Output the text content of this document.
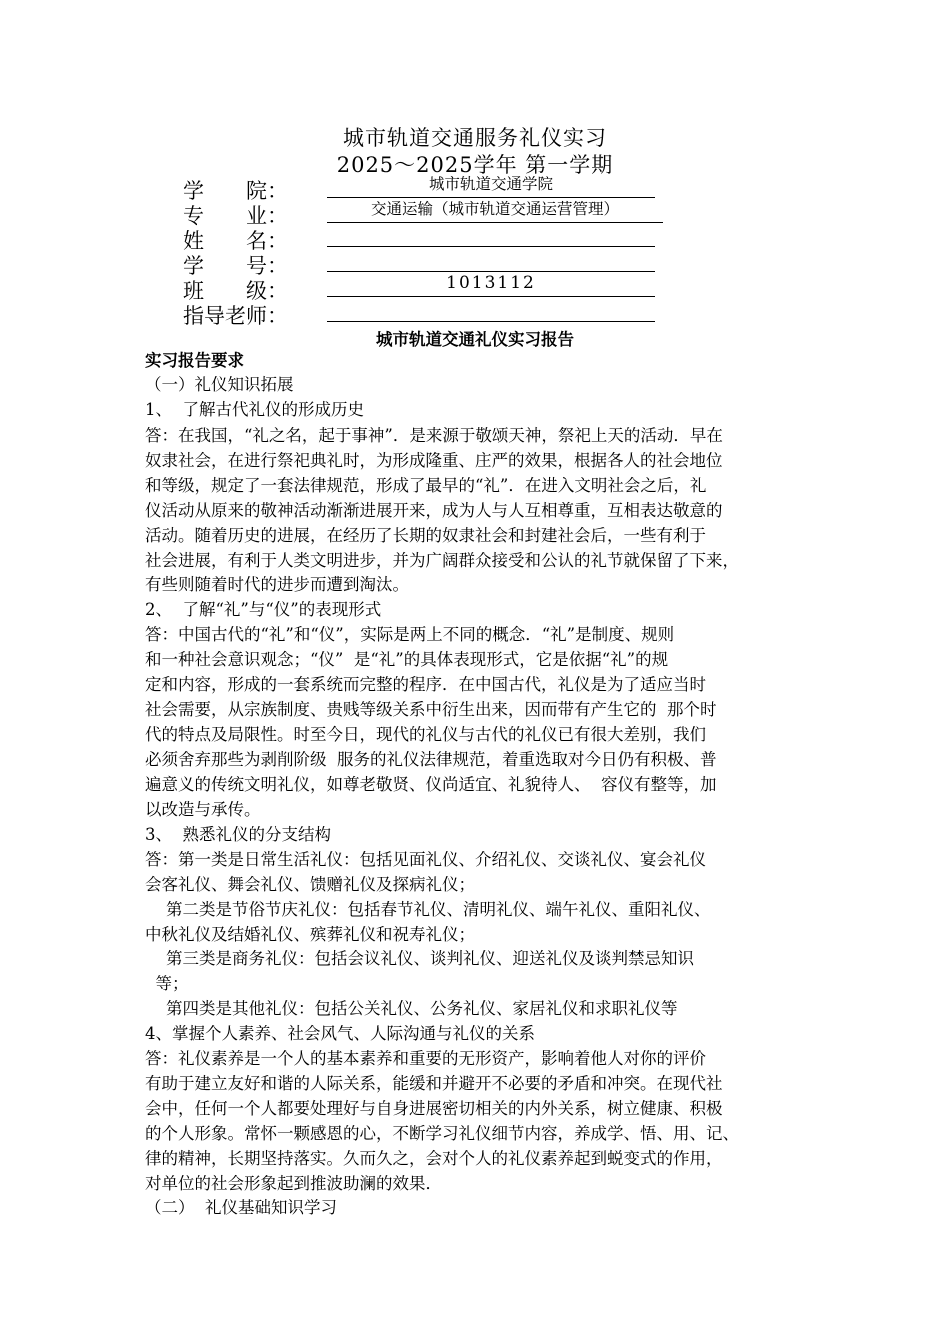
城市轨道交通服务礼仪实习
2025～2025学年 第一学期
学　　院：	城市轨道交通学院
专　　业：	交通运输（城市轨道交通运营管理）
姓　　名：
学　　号：
班　　级：	1013112
指导老师：
城市轨道交通礼仪实习报告
实习报告要求
（一）礼仪知识拓展
1、  了解古代礼仪的形成历史
答：在我国，“礼之名，起于事神”．是来源于敬颂天神，祭祀上天的活动．早在
奴隶社会，在进行祭祀典礼时，为形成隆重、庄严的效果，根据各人的社会地位
和等级，规定了一套法律规范，形成了最早的“礼”．在进入文明社会之后，礼
仪活动从原来的敬神活动渐渐进展开来，成为人与人互相尊重，互相表达敬意的
活动。随着历史的进展，在经历了长期的奴隶社会和封建社会后，一些有利于
社会进展，有利于人类文明进步，并为广阔群众接受和公认的礼节就保留了下来，
有些则随着时代的进步而遭到淘汰。
2、  了解“礼”与“仪”的表现形式
答：中国古代的“礼”和“仪”，实际是两上不同的概念．“礼”是制度、规则
和一种社会意识观念；“仪”  是“礼”的具体表现形式，它是依据“礼”的规
定和内容，形成的一套系统而完整的程序．在中国古代，礼仪是为了适应当时
社会需要，从宗族制度、贵贱等级关系中衍生出来，因而带有产生它的  那个时
代的特点及局限性。时至今日，现代的礼仪与古代的礼仪已有很大差别，我们
必须舍弃那些为剥削阶级  服务的礼仪法律规范，着重选取对今日仍有积极、普
遍意义的传统文明礼仪，如尊老敬贤、仪尚适宜、礼貌待人、  容仪有整等，加
以改造与承传。
3、  熟悉礼仪的分支结构
答：第一类是日常生活礼仪：包括见面礼仪、介绍礼仪、交谈礼仪、宴会礼仪
会客礼仪、舞会礼仪、馈赠礼仪及探病礼仪；
第二类是节俗节庆礼仪：包括春节礼仪、清明礼仪、端午礼仪、重阳礼仪、
中秋礼仪及结婚礼仪、殡葬礼仪和祝寿礼仪；
第三类是商务礼仪：包括会议礼仪、谈判礼仪、迎送礼仪及谈判禁忌知识
等；
第四类是其他礼仪：包括公关礼仪、公务礼仪、家居礼仪和求职礼仪等
4、掌握个人素养、社会风气、人际沟通与礼仪的关系
答：礼仪素养是一个人的基本素养和重要的无形资产，影响着他人对你的评价
有助于建立友好和谐的人际关系，能缓和并避开不必要的矛盾和冲突。在现代社
会中，任何一个人都要处理好与自身进展密切相关的内外关系，树立健康、积极
的个人形象。常怀一颗感恩的心，不断学习礼仪细节内容，养成学、悟、用、记、
律的精神，长期坚持落实。久而久之，会对个人的礼仪素养起到蜕变式的作用，
对单位的社会形象起到推波助澜的效果．
（二）  礼仪基础知识学习
